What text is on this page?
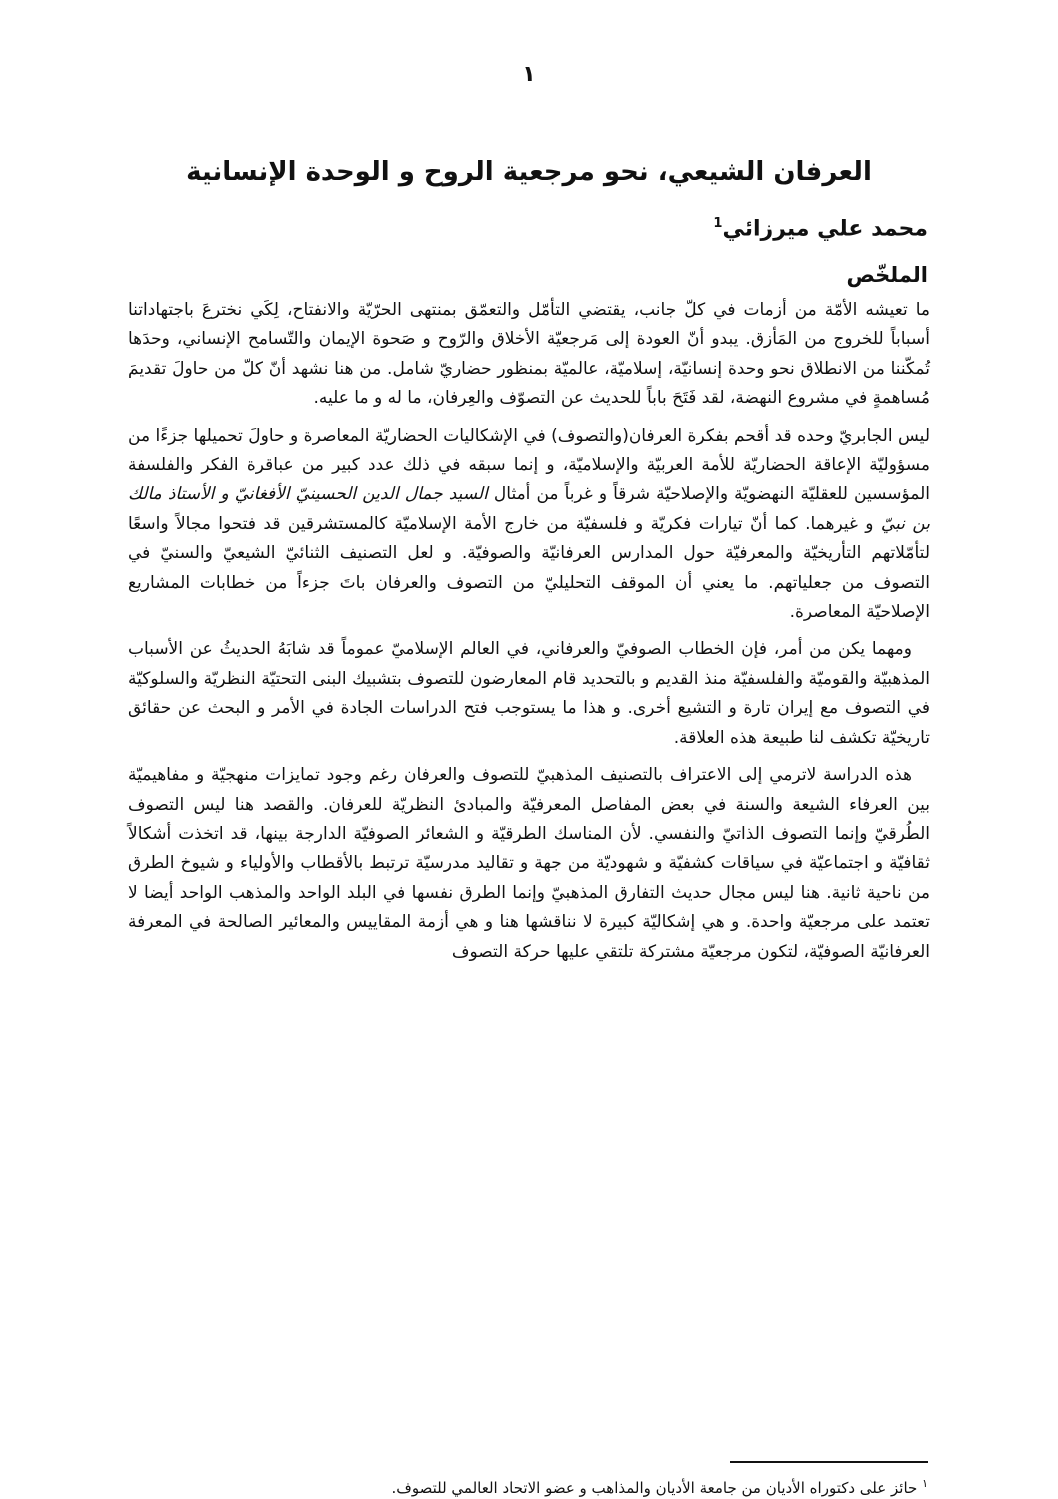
١
العرفان الشيعي، نحو مرجعية الروح و الوحدة الإنسانية
محمد علي ميرزائي$^1$
الملخّص

ما تعيشه الأمّة من أزمات في كلّ جانب، يقتضي التأمّل والتعمّق بمنتهى الحرّيّة والانفتاح، لِكَي نخترعَ باجتهاداتنا أسباباً للخروج من المَأزق. يبدو أنّ العودة إلى مَرجعيّة الأخلاق والرّوح و صَحوة الإيمان والتّسامح الإنساني، وحدَها تُمكّننا من الانطلاق نحو وحدة إنسانيّة، إسلاميّة، عالميّة بمنظور حضاريّ شامل. من هنا نشهد أنّ كلّ من حاولَ تقديمَ مُساهمةٍ في مشروع النهضة، لقد فَتَحَ باباً للحديث عن التصوّف والعِرفان، ما له و ما عليه.

ليس الجابريّ وحده قد أقحم بفكرة العرفان(والتصوف) في الإشكاليات الحضاريّة المعاصرة و حاولَ تحميلها جزءًا من مسؤوليّة الإعاقة الحضاريّة للأمة العربيّة والإسلاميّة، و إنما سبقه في ذلك عدد كبير من عباقرة الفكر والفلسفة المؤسسين للعقليّة النهضويّة والإصلاحيّة شرقاً و غرباً من أمثال السيد جمال الدين الحسينيّ الأفغانيّ و الأستاذ مالك بن نبيّ و غيرهما. كما أنّ تيارات فكريّة و فلسفيّة من خارج الأمة الإسلاميّة كالمستشرقين قد فتحوا مجالاً واسعًا لتأمّلاتهم التأريخيّة والمعرفيّة حول المدارس العرفانيّة والصوفيّة. و لعل التصنيف الثنائيّ الشيعيّ والسنيّ في التصوف من جعلياتهم. ما يعني أن الموقف التحليليّ من التصوف والعرفان باتَ جزءاً من خطابات المشاريع الإصلاحيّة المعاصرة.

ومهما يكن من أمر، فإن الخطاب الصوفيّ والعرفاني، في العالم الإسلاميّ عموماً قد شابَهُ الحديثُ عن الأسباب المذهبيّة والقوميّة والفلسفيّة منذ القديم و بالتحديد قام المعارضون للتصوف بتشبيك البنى التحتيّة النظريّة والسلوكيّة في التصوف مع إيران تارة و التشيع أخرى. و هذا ما يستوجب فتح الدراسات الجادة في الأمر و البحث عن حقائق تاريخيّة تكشف لنا طبيعة هذه العلاقة.

هذه الدراسة لاترمي إلى الاعتراف بالتصنيف المذهبيّ للتصوف والعرفان رغم وجود تمايزات منهجيّة و مفاهيميّة بين العرفاء الشيعة والسنة في بعض المفاصل المعرفيّة والمبادئ النظريّة للعرفان. والقصد هنا ليس التصوف الطُرقيّ وإنما التصوف الذاتيّ والنفسي. لأن المناسك الطرقيّة و الشعائر الصوفيّة الدارجة بينها، قد اتخذت أشكالاً ثقافيّة و اجتماعيّة في سياقات كشفيّة و شهوديّة من جهة و تقاليد مدرسيّة ترتبط بالأقطاب والأولياء و شيوخ الطرق من ناحية ثانية. هنا ليس مجال حديث التفارق المذهبيّ وإنما الطرق نفسها في البلد الواحد والمذهب الواحد أيضا لا تعتمد على مرجعيّة واحدة. و هي إشكاليّة كبيرة لا نناقشها هنا و هي أزمة المقاييس والمعائير الصالحة في المعرفة العرفانيّة الصوفيّة، لتكون مرجعيّة مشتركة تلتقي عليها حركة التصوف

$^١$ حائز على دكتوراه الأديان من جامعة الأديان والمذاهب و عضو الاتحاد العالمي للتصوف.
